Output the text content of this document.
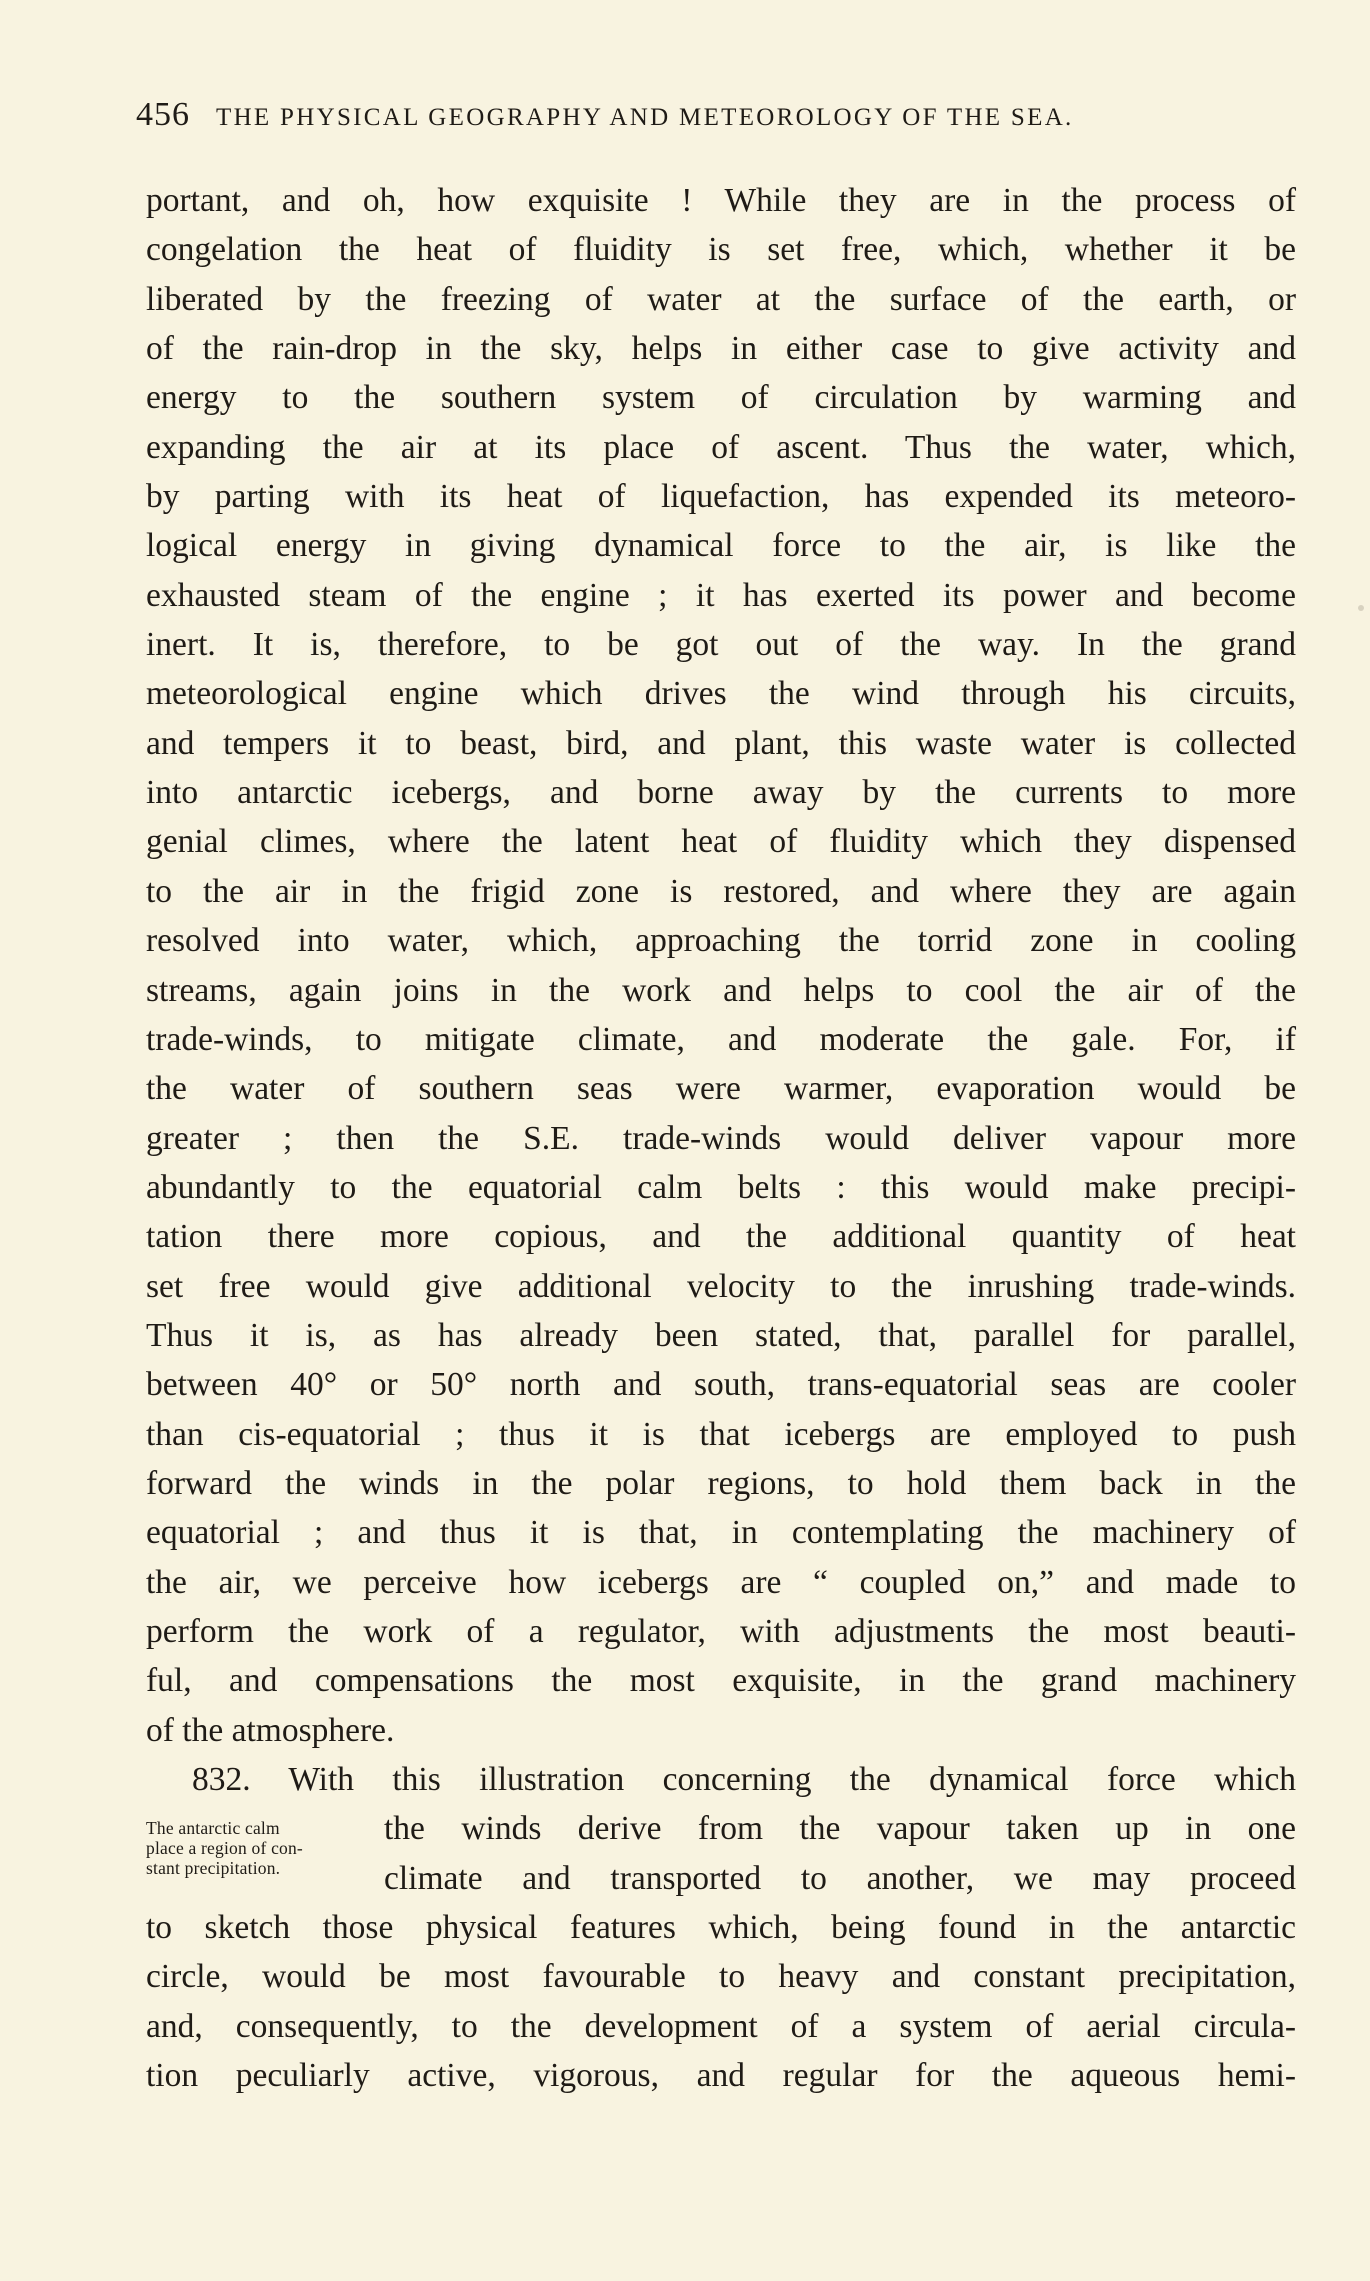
456 THE PHYSICAL GEOGRAPHY AND METEOROLOGY OF THE SEA.
portant, and oh, how exquisite ! While they are in the process of
congelation the heat of fluidity is set free, which, whether it be
liberated by the freezing of water at the surface of the earth, or
of the rain-drop in the sky, helps in either case to give activity and
energy to the southern system of circulation by warming and
expanding the air at its place of ascent. Thus the water, which,
by parting with its heat of liquefaction, has expended its meteoro-
logical energy in giving dynamical force to the air, is like the
exhausted steam of the engine ; it has exerted its power and become
inert. It is, therefore, to be got out of the way. In the grand
meteorological engine which drives the wind through his circuits,
and tempers it to beast, bird, and plant, this waste water is collected
into antarctic icebergs, and borne away by the currents to more
genial climes, where the latent heat of fluidity which they dispensed
to the air in the frigid zone is restored, and where they are again
resolved into water, which, approaching the torrid zone in cooling
streams, again joins in the work and helps to cool the air of the
trade-winds, to mitigate climate, and moderate the gale. For, if
the water of southern seas were warmer, evaporation would be
greater ; then the S.E. trade-winds would deliver vapour more
abundantly to the equatorial calm belts : this would make precipi-
tation there more copious, and the additional quantity of heat
set free would give additional velocity to the inrushing trade-winds.
Thus it is, as has already been stated, that, parallel for parallel,
between 40° or 50° north and south, trans-equatorial seas are cooler
than cis-equatorial ; thus it is that icebergs are employed to push
forward the winds in the polar regions, to hold them back in the
equatorial ; and thus it is that, in contemplating the machinery of
the air, we perceive how icebergs are “ coupled on,” and made to
perform the work of a regulator, with adjustments the most beauti-
ful, and compensations the most exquisite, in the grand machinery
of the atmosphere.
832. With this illustration concerning the dynamical force which
The antarctic calm
place a region of con-
stant precipitation.
the winds derive from the vapour taken up in one
climate and transported to another, we may proceed
to sketch those physical features which, being found in the antarctic
circle, would be most favourable to heavy and constant precipitation,
and, consequently, to the development of a system of aerial circula-
tion peculiarly active, vigorous, and regular for the aqueous hemi-
